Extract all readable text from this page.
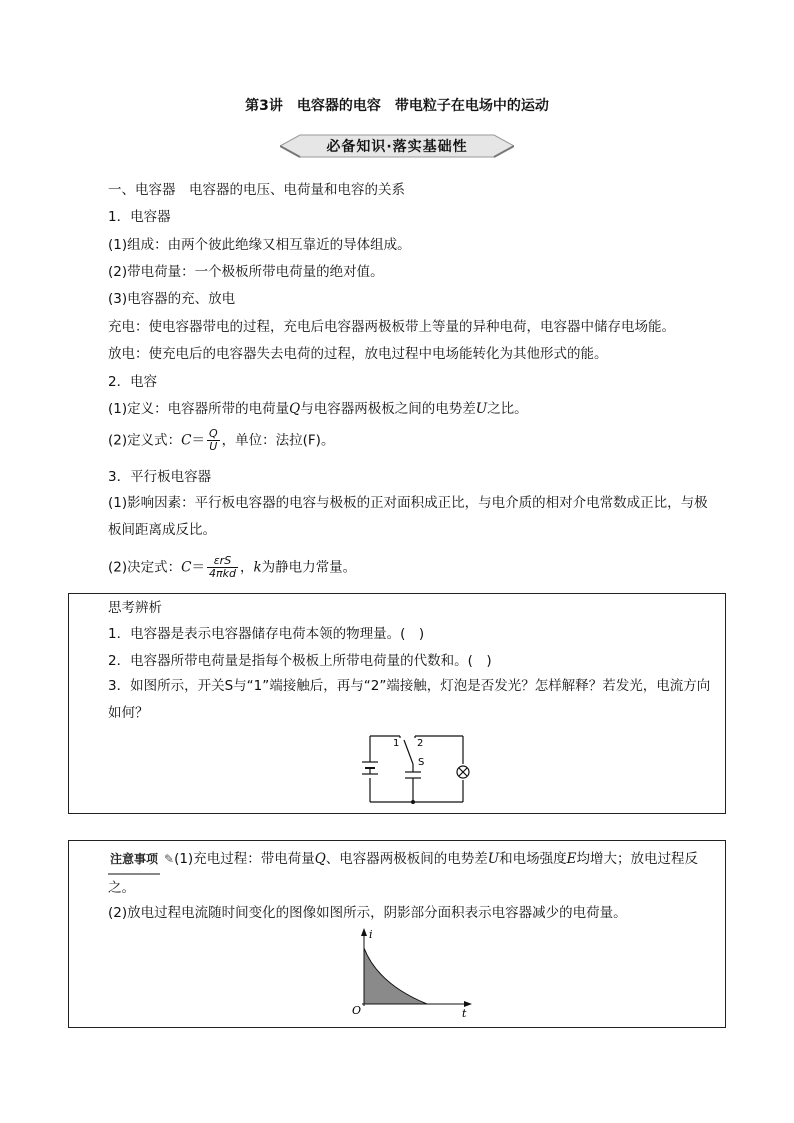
第3讲　电容器的电容　带电粒子在电场中的运动
必备知识·落实基础性
一、电容器　电容器的电压、电荷量和电容的关系
1．电容器
(1)组成：由两个彼此绝缘又相互靠近的导体组成。
(2)带电荷量：一个极板所带电荷量的绝对值。
(3)电容器的充、放电
充电：使电容器带电的过程，充电后电容器两极板带上等量的异种电荷，电容器中储存电场能。
放电：使充电后的电容器失去电荷的过程，放电过程中电场能转化为其他形式的能。
2．电容
(1)定义：电容器所带的电荷量Q与电容器两极板之间的电势差U之比。
(2)定义式：$C= \frac{Q}{U}$ ，单位：法拉(F)。
3．平行板电容器
(1)影响因素：平行板电容器的电容与极板的正对面积成正比，与电介质的相对介电常数成正比，与极板间距离成反比。
(2)决定式：$C= \frac{\text{εrS}}{\text{4πkd}}$ ，k为静电力常量。
思考辨析
1．电容器是表示电容器储存电荷本领的物理量。(　)
2．电容器所带电荷量是指每个极板上所带电荷量的代数和。(　)
3．如图所示，开关S与“1”端接触后，再与“2”端接触，灯泡是否发光？怎样解释？若发光，电流方向如何？
1 2
S
注意事项 ✎(1)充电过程：带电荷量Q、电容器两极板间的电势差U和电场强度E均增大；放电过程反之。
(2)放电过程电流随时间变化的图像如图所示，阴影部分面积表示电容器减少的电荷量。
i
t
O
